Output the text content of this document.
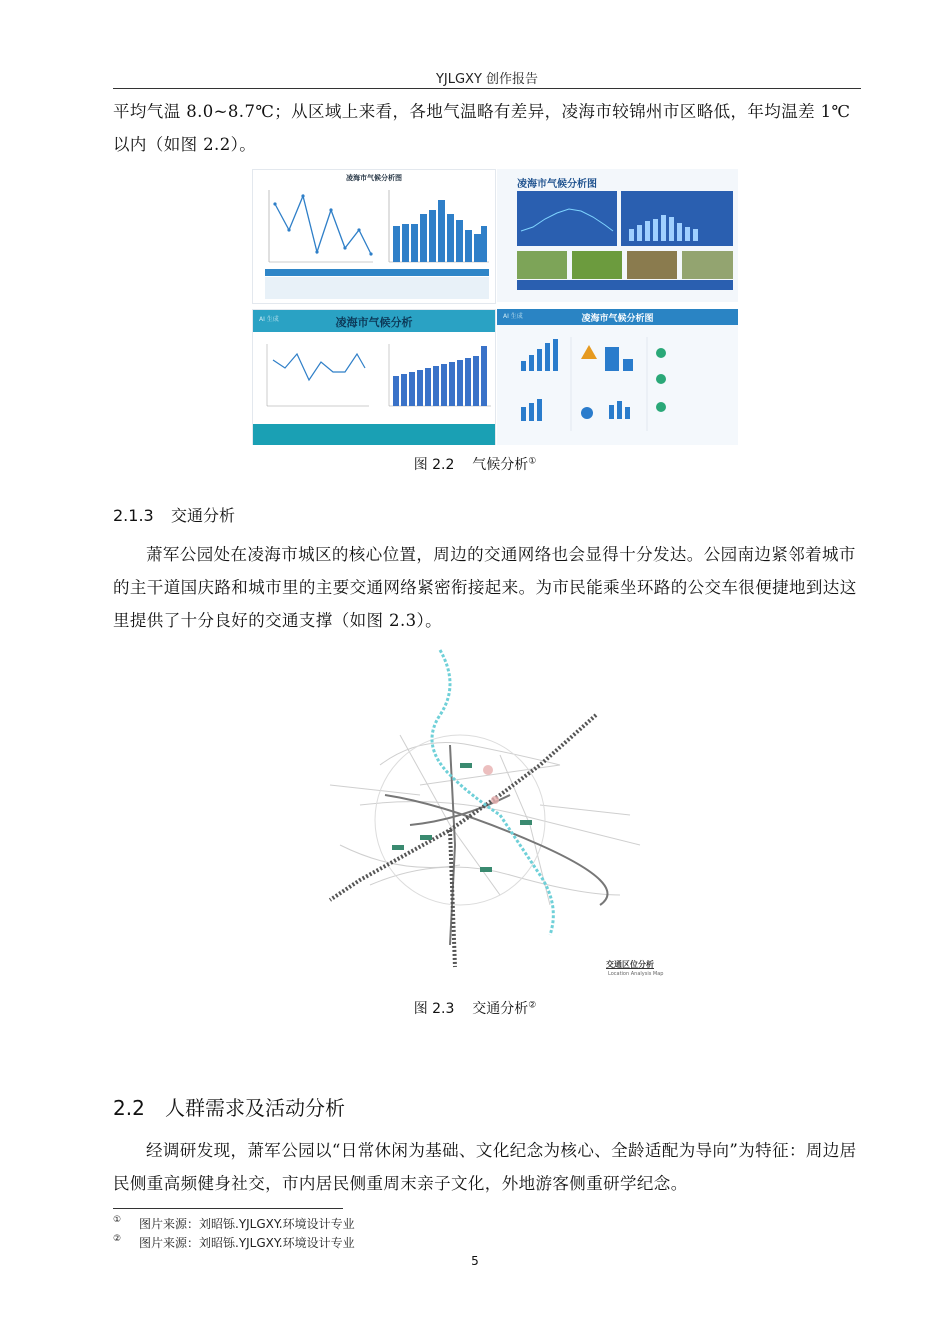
YJLGXY 创作报告
平均气温 8.0~8.7℃；从区域上来看，各地气温略有差异，凌海市较锦州市区略低，年均温差 1℃以内（如图 2.2）。
凌海市气候分析图
凌海市气候分析图
AI 生成	凌海市气候分析	AI 生成	凌海市气候分析图
图 2.2 气候分析①
2.1.3 交通分析
萧军公园处在凌海市城区的核心位置，周边的交通网络也会显得十分发达。公园南边紧邻着城市的主干道国庆路和城市里的主要交通网络紧密衔接起来。为市民能乘坐环路的公交车很便捷地到达这里提供了十分良好的交通支撑（如图 2.3）。
交通区位分析
Location Analysis Map
图 2.3 交通分析②
2.2 人群需求及活动分析
经调研发现，萧军公园以“日常休闲为基础、文化纪念为核心、全龄适配为导向”为特征：周边居民侧重高频健身社交，市内居民侧重周末亲子文化，外地游客侧重研学纪念。
① 图片来源：刘昭铄.YJLGXY.环境设计专业
② 图片来源：刘昭铄.YJLGXY.环境设计专业
5
